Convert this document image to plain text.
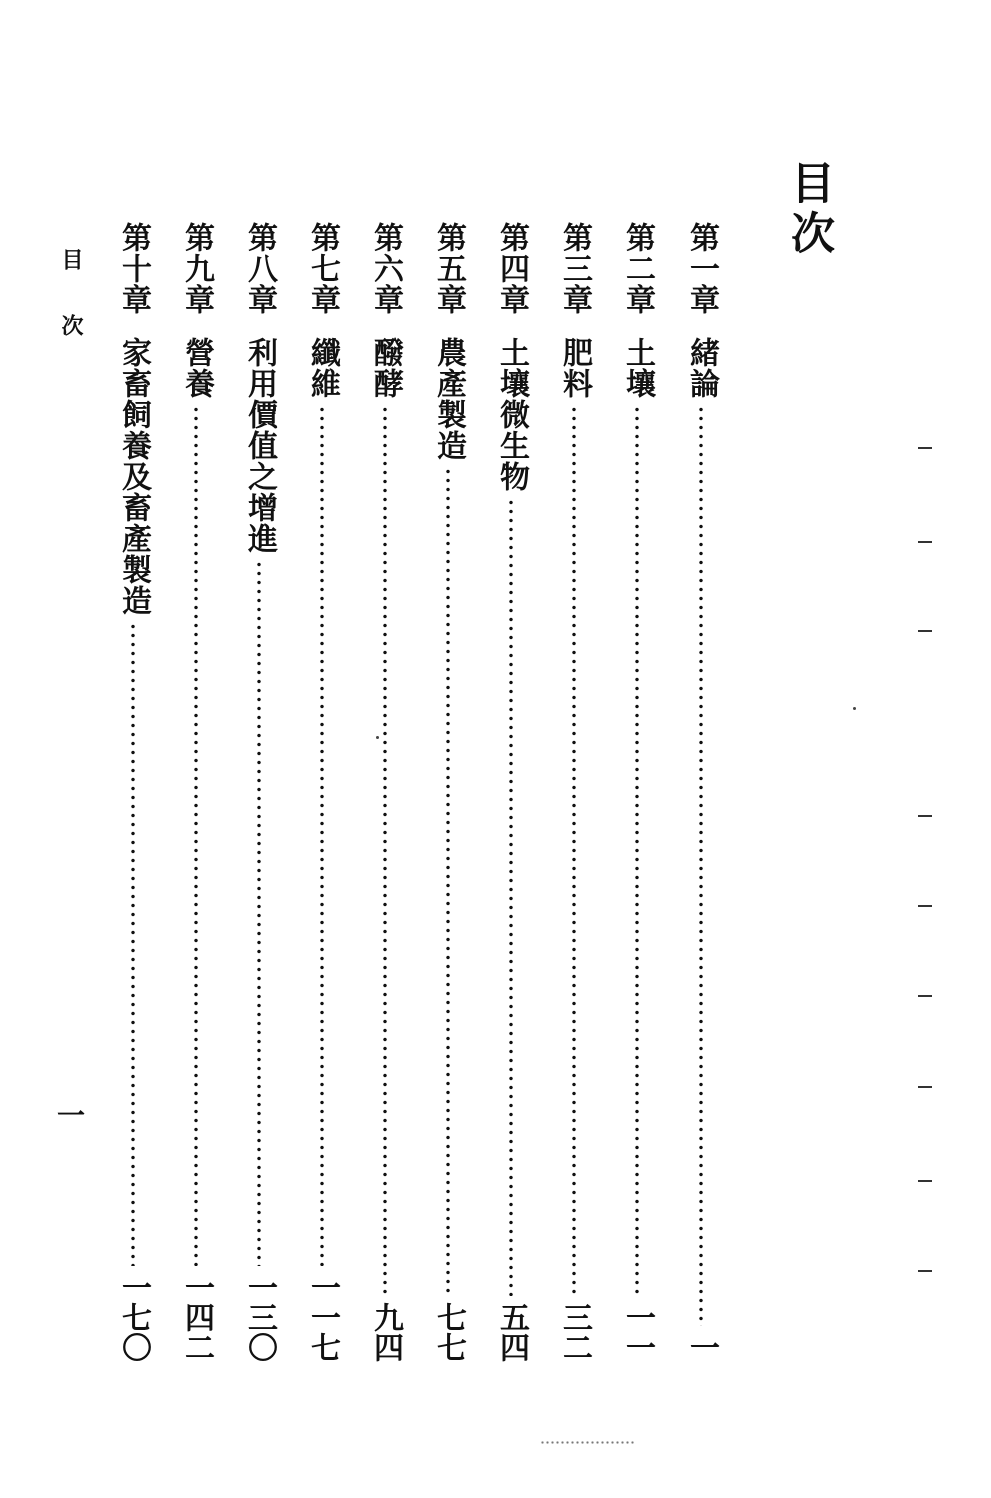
目次
第一章
緒論
一
第二章
土壤
一一
第三章
肥料
三二
第四章
土壤微生物
五四
第五章
農產製造
七七
第六章
醱酵
九四
第七章
纖維
一一七
第八章
利用價值之增進
一三〇
第九章
營養
一四二
第十章
家畜飼養及畜產製造
一七〇
目次
一
